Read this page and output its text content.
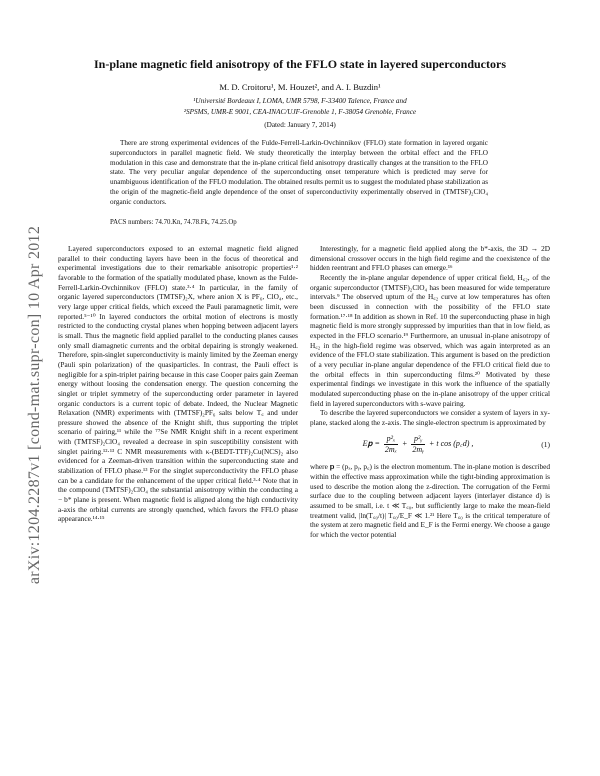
arXiv:1204.2287v1 [cond-mat.supr-con] 10 Apr 2012
In-plane magnetic field anisotropy of the FFLO state in layered superconductors
M. D. Croitoru¹, M. Houzet², and A. I. Buzdin¹
¹Université Bordeaux I, LOMA, UMR 5798, F-33400 Talence, France and
²SPSMS, UMR-E 9001, CEA-INAC/UJF-Grenoble 1, F-38054 Grenoble, France
(Dated: January 7, 2014)

There are strong experimental evidences of the Fulde-Ferrell-Larkin-Ovchinnikov (FFLO) state formation in layered organic superconductors in parallel magnetic field. We study theoretically the interplay between the orbital effect and the FFLO modulation in this case and demonstrate that the in-plane critical field anisotropy drastically changes at the transition to the FFLO state. The very peculiar angular dependence of the superconducting onset temperature which is predicted may serve for unambiguous identification of the FFLO modulation. The obtained results permit us to suggest the modulated phase stabilization as the origin of the magnetic-field angle dependence of the onset of superconductivity experimentally observed in (TMTSF)₂ClO₄ organic conductors.

PACS numbers: 74.70.Kn, 74.78.Fk, 74.25.Op

Layered superconductors exposed to an external magnetic field aligned parallel to their conducting layers have been in the focus of theoretical and experimental investigations due to their remarkable anisotropic properties¹·² favorable to the formation of the spatially modulated phase, known as the Fulde-Ferrell-Larkin-Ovchinnikov (FFLO) state.³·⁴ In particular, in the family of organic layered superconductors (TMTSF)₂X, where anion X is PF₆, ClO₄, etc., very large upper critical fields, which exceed the Pauli paramagnetic limit, were reported.⁵⁻¹⁰ In layered conductors the orbital motion of electrons is mostly restricted to the conducting crystal planes when hopping between adjacent layers is small. Thus the magnetic field applied parallel to the conducting planes causes only small diamagnetic currents and the orbital depairing is strongly weakened. Therefore, spin-singlet superconductivity is mainly limited by the Zeeman energy (Pauli spin polarization) of the quasiparticles. In contrast, the Pauli effect is negligible for a spin-triplet pairing because in this case Cooper pairs gain Zeeman energy without loosing the condensation energy. The question concerning the singlet or triplet symmetry of the superconducting order parameter in layered organic conductors is a current topic of debate. Indeed, the Nuclear Magnetic Relaxation (NMR) experiments with (TMTSF)₂PF₆ salts below T꜀ and under pressure showed the absence of the Knight shift, thus supporting the triplet scenario of pairing,¹¹ while the ⁷⁷Se NMR Knight shift in a recent experiment with (TMTSF)₂ClO₄ revealed a decrease in spin susceptibility consistent with singlet pairing.¹²·¹³ C NMR measurements with κ-(BEDT-TTF)₂Cu(NCS)₂ also evidenced for a Zeeman-driven transition within the superconducting state and stabilization of FFLO phase.¹³ For the singlet superconductivity the FFLO phase can be a candidate for the enhancement of the upper critical field.³·⁴ Note that in the compound (TMTSF)₂ClO₄ the substantial anisotropy within the conducting a − b* plane is present. When magnetic field is aligned along the high conductivity a-axis the orbital currents are strongly quenched, which favors the FFLO phase appearance.¹⁴·¹⁵

Interestingly, for a magnetic field applied along the b*-axis, the 3D → 2D dimensional crossover occurs in the high field regime and the coexistence of the hidden reentrant and FFLO phases can emerge.¹⁶

Recently the in-plane angular dependence of upper critical field, H꜀₂, of the organic superconductor (TMTSF)₂ClO₄ has been measured for wide temperature intervals.⁹ The observed upturn of the H꜀₂ curve at low temperatures has often been discussed in connection with the possibility of the FFLO state formation.¹⁷·¹⁸ In addition as shown in Ref. 10 the superconducting phase in high magnetic field is more strongly suppressed by impurities than that in low field, as expected in the FFLO scenario.¹⁹ Furthermore, an unusual in-plane anisotropy of H꜀₂ in the high-field regime was observed, which was again interpreted as an evidence of the FFLO state stabilization. This argument is based on the prediction of a very peculiar in-plane angular dependence of the FFLO critical field due to the orbital effects in thin superconducting films.²⁰ Motivated by these experimental findings we investigate in this work the influence of the spatially modulated superconducting phase on the in-plane anisotropy of the upper critical field in layered superconductors with s-wave pairing.

To describe the layered superconductors we consider a system of layers in xy-plane, stacked along the z-axis. The single-electron spectrum is approximated by

E𝐩 = $\frac{\text{p²ₓ}}{\text{2mₓ}} + \frac{\text{p²ᵧ}}{\text{2mᵧ}} + t$ cos (p꜀d) ,	(1)

where 𝐩 = (pₓ, pᵧ, p꜀) is the electron momentum. The in-plane motion is described within the effective mass approximation while the tight-binding approximation is used to describe the motion along the z-direction. The corrugation of the Fermi surface due to the coupling between adjacent layers (interlayer distance d) is assumed to be small, i.e. t ≪ T꜀₀, but sufficiently large to make the mean-field treatment valid, |ln(T꜀₀/t)| T꜀₀/E_F ≪ 1.²¹ Here T꜀₀ is the critical temperature of the system at zero magnetic field and E_F is the Fermi energy. We choose a gauge for which the vector potential
